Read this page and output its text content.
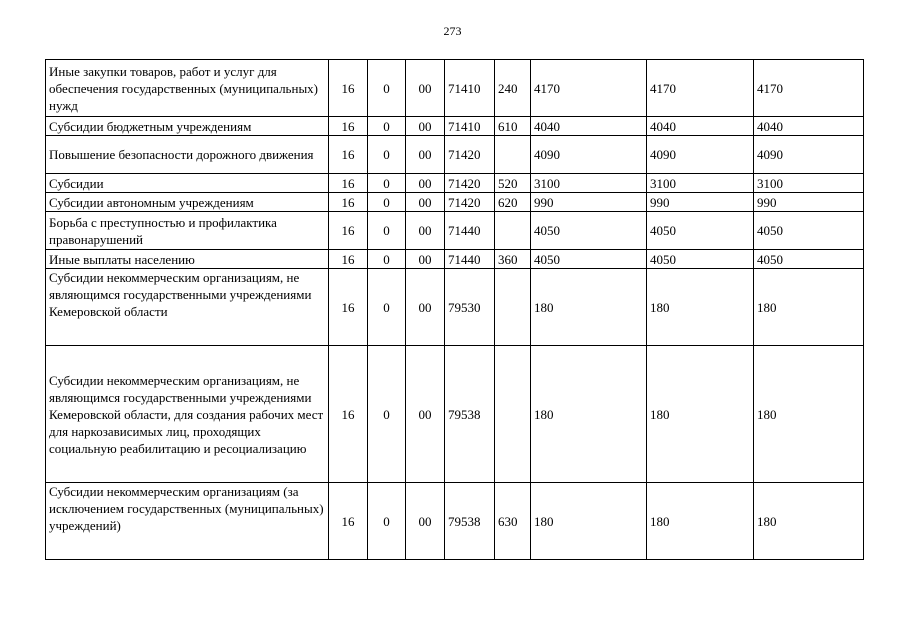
273
Иные закупки товаров, работ и услуг для обеспечения государственных (муниципальных) нужд	16	0	00	71410	240	4170	4170	4170
Субсидии бюджетным учреждениям	16	0	00	71410	610	4040	4040	4040
Повышение безопасности дорожного движения	16	0	00	71420		4090	4090	4090
Субсидии	16	0	00	71420	520	3100	3100	3100
Субсидии автономным учреждениям	16	0	00	71420	620	990	990	990
Борьба с преступностью и профилактика правонарушений	16	0	00	71440		4050	4050	4050
Иные выплаты населению	16	0	00	71440	360	4050	4050	4050
Субсидии некоммерческим организациям, не являющимся государственными учреждениями Кемеровской области	16	0	00	79530		180	180	180
Субсидии некоммерческим организациям, не являющимся государственными учреждениями Кемеровской области, для создания рабочих мест для наркозависимых лиц, проходящих социальную реабилитацию и ресоциализацию	16	0	00	79538		180	180	180
Субсидии некоммерческим организациям (за исключением государственных (муниципальных) учреждений)	16	0	00	79538	630	180	180	180
